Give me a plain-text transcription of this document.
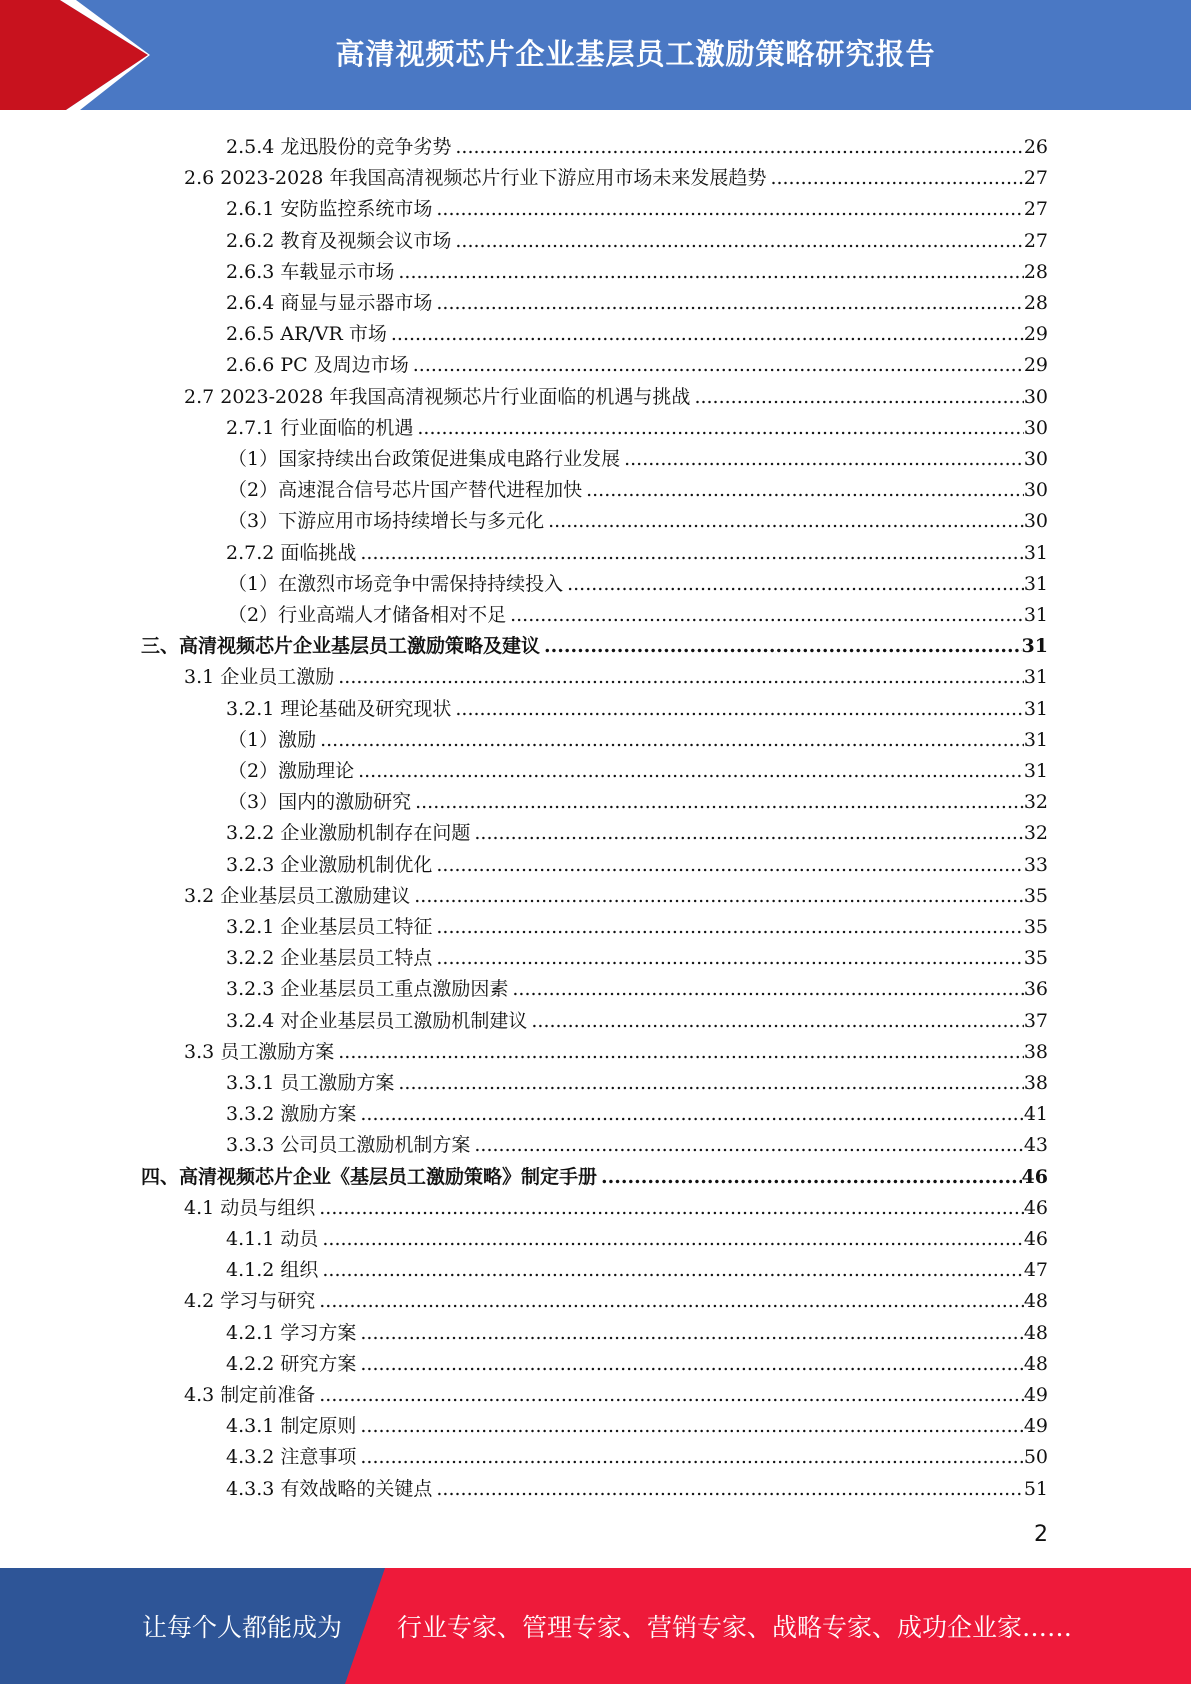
高清视频芯片企业基层员工激励策略研究报告
2.5.4 龙迅股份的竞争劣势 .....	26
2.6 2023-2028 年我国高清视频芯片行业下游应用市场未来发展趋势 .....	27
2.6.1 安防监控系统市场 .....	27
2.6.2 教育及视频会议市场 .....	27
2.6.3 车载显示市场 .....	28
2.6.4 商显与显示器市场 .....	28
2.6.5 AR/VR 市场 .....	29
2.6.6 PC 及周边市场 .....	29
2.7 2023-2028 年我国高清视频芯片行业面临的机遇与挑战 .....	30
2.7.1 行业面临的机遇 .....	30
（1）国家持续出台政策促进集成电路行业发展 .....	30
（2）高速混合信号芯片国产替代进程加快 .....	30
（3）下游应用市场持续增长与多元化 .....	30
2.7.2 面临挑战 .....	31
（1）在激烈市场竞争中需保持持续投入 .....	31
（2）行业高端人才储备相对不足 .....	31
三、高清视频芯片企业基层员工激励策略及建议 .....	31
3.1 企业员工激励 .....	31
3.2.1 理论基础及研究现状 .....	31
（1）激励 .....	31
（2）激励理论 .....	31
（3）国内的激励研究 .....	32
3.2.2 企业激励机制存在问题 .....	32
3.2.3 企业激励机制优化 .....	33
3.2 企业基层员工激励建议 .....	35
3.2.1 企业基层员工特征 .....	35
3.2.2 企业基层员工特点 .....	35
3.2.3 企业基层员工重点激励因素 .....	36
3.2.4 对企业基层员工激励机制建议 .....	37
3.3 员工激励方案 .....	38
3.3.1 员工激励方案 .....	38
3.3.2 激励方案 .....	41
3.3.3 公司员工激励机制方案 .....	43
四、高清视频芯片企业《基层员工激励策略》制定手册 .....	46
4.1 动员与组织 .....	46
4.1.1 动员 .....	46
4.1.2 组织 .....	47
4.2 学习与研究 .....	48
4.2.1 学习方案 .....	48
4.2.2 研究方案 .....	48
4.3 制定前准备 .....	49
4.3.1 制定原则 .....	49
4.3.2 注意事项 .....	50
4.3.3 有效战略的关键点 .....	51
2
让每个人都能成为 行业专家、管理专家、营销专家、战略专家、成功企业家……
